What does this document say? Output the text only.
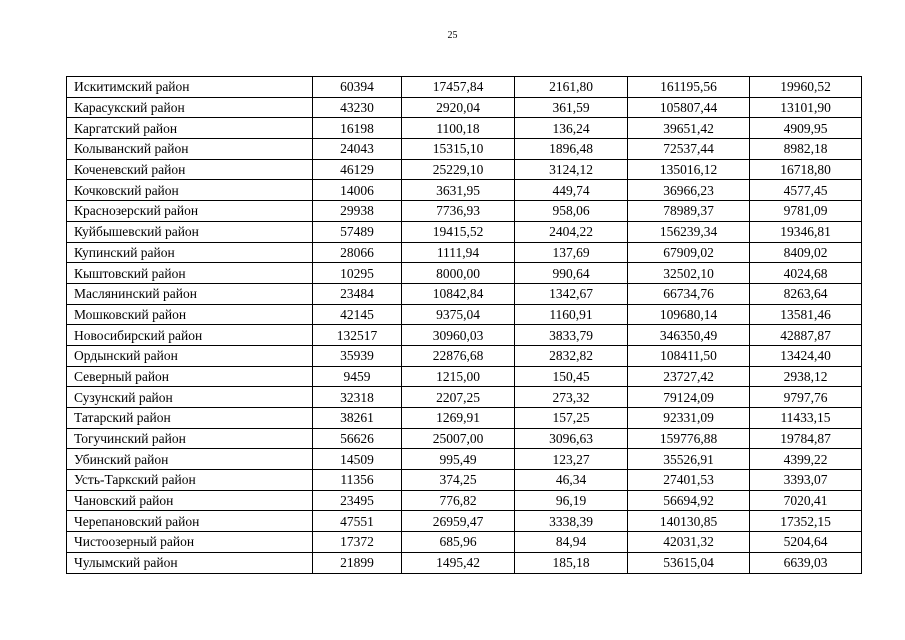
25
Искитимский район	60394	17457,84	2161,80	161195,56	19960,52
Карасукский район	43230	2920,04	361,59	105807,44	13101,90
Каргатский район	16198	1100,18	136,24	39651,42	4909,95
Колыванский район	24043	15315,10	1896,48	72537,44	8982,18
Коченевский район	46129	25229,10	3124,12	135016,12	16718,80
Кочковский район	14006	3631,95	449,74	36966,23	4577,45
Краснозерский район	29938	7736,93	958,06	78989,37	9781,09
Куйбышевский район	57489	19415,52	2404,22	156239,34	19346,81
Купинский район	28066	1111,94	137,69	67909,02	8409,02
Кыштовский район	10295	8000,00	990,64	32502,10	4024,68
Маслянинский район	23484	10842,84	1342,67	66734,76	8263,64
Мошковский район	42145	9375,04	1160,91	109680,14	13581,46
Новосибирский район	132517	30960,03	3833,79	346350,49	42887,87
Ордынский район	35939	22876,68	2832,82	108411,50	13424,40
Северный район	9459	1215,00	150,45	23727,42	2938,12
Сузунский район	32318	2207,25	273,32	79124,09	9797,76
Татарский район	38261	1269,91	157,25	92331,09	11433,15
Тогучинский район	56626	25007,00	3096,63	159776,88	19784,87
Убинский район	14509	995,49	123,27	35526,91	4399,22
Усть-Таркский район	11356	374,25	46,34	27401,53	3393,07
Чановский район	23495	776,82	96,19	56694,92	7020,41
Черепановский район	47551	26959,47	3338,39	140130,85	17352,15
Чистоозерный район	17372	685,96	84,94	42031,32	5204,64
Чулымский район	21899	1495,42	185,18	53615,04	6639,03
